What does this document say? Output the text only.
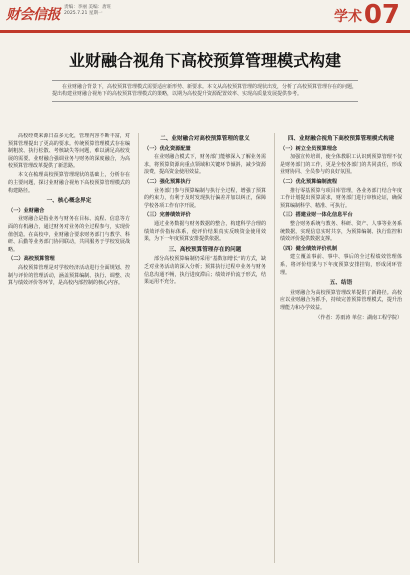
财会信报 责编：李丽 美编：唐旺
2025.7.21 星期一	学术 07
业财融合视角下高校预算管理模式构建

在业财融合背景下，高校预算管理模式需要适应新形势、新要求。本文从高校预算管理的现状出发，分析了高校预算管理存在的问题，提出构建业财融合视角下的高校预算管理模式的策略，以期为高校提升资源配置效率、实现高质量发展提供参考。

高校经费来源日益多元化，管理内容不断丰富，对预算管理提出了更高的要求。传统预算管理模式存在编制粗放、执行松散、考核缺失等问题，难以满足高校发展的需要。业财融合强调业务与财务的深度融合，为高校预算管理改革提供了新思路。

本文在梳理高校预算管理现状的基础上，分析存在的主要问题，探讨业财融合视角下高校预算管理模式的构建路径。

一、核心概念界定

（一）业财融合

业财融合是指业务与财务在目标、流程、信息等方面的有机融合，通过财务对业务的全过程参与，实现价值创造。在高校中，业财融合要求财务部门与教学、科研、后勤等业务部门协同联动，共同服务于学校发展战略。

（二）高校预算管理

高校预算管理是对学校经济活动进行全面规划、控制与评价的管理活动，涵盖预算编制、执行、调整、决算与绩效评价等环节，是高校内部控制的核心内容。

二、业财融合对高校预算管理的意义

（一）优化资源配置

在业财融合模式下，财务部门能够深入了解业务需求，将预算资源向重点领域和关键环节倾斜，减少资源浪费，提高资金使用效益。

（二）强化预算执行

业务部门参与预算编制与执行全过程，增强了预算的约束力，有利于及时发现执行偏差并加以纠正，保障学校各项工作有序开展。

（三）完善绩效评价

通过业务数据与财务数据的整合，构建科学合理的绩效评价指标体系，使评价结果真实反映资金使用效果，为下一年度预算安排提供依据。

三、高校预算管理存在的问题

部分高校预算编制仍采用“基数加增长”的方式，缺乏对业务活动的深入分析；预算执行过程中业务与财务信息沟通不畅，执行进度滞后；绩效评价流于形式，结果运用不充分。

四、业财融合视角下高校预算管理模式构建

（一）树立全员预算理念

加强宣传培训，使全体教职工认识到预算管理不仅是财务部门的工作，更是全校各部门的共同责任，形成业财协同、全员参与的良好氛围。

（二）优化预算编制流程

推行零基预算与项目库管理，各业务部门结合年度工作计划提出预算需求，财务部门进行审核论证，确保预算编制科学、精准、可执行。

（三）搭建业财一体化信息平台

整合财务系统与教务、科研、资产、人事等业务系统数据，实现信息实时共享，为预算编制、执行监控和绩效评价提供数据支撑。

（四）健全绩效评价机制

建立覆盖事前、事中、事后的全过程绩效管理体系，将评价结果与下年度预算安排挂钩，形成闭环管理。

五、结语

业财融合为高校预算管理改革提供了新路径。高校应以业财融合为抓手，持续完善预算管理模式，提升治理能力和办学效益。

（作者：苏雨涛 单位：湖南工程学院）
